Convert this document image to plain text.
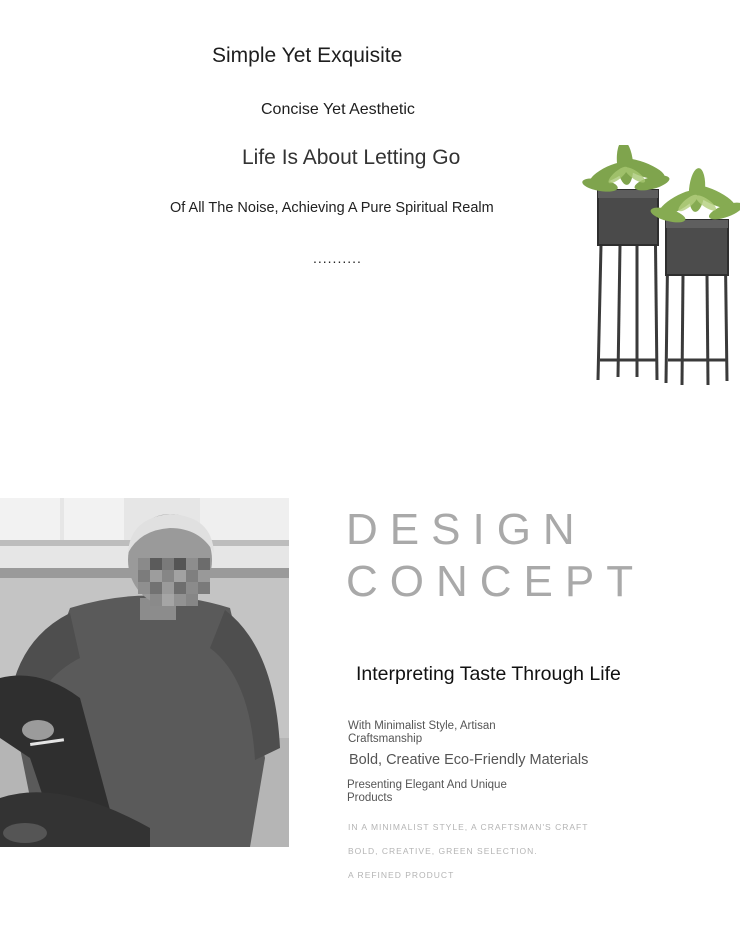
Simple Yet Exquisite
Concise Yet Aesthetic
Life Is About Letting Go
Of All The Noise, Achieving A Pure Spiritual Realm
..........
DESIGN
CONCEPT
Interpreting Taste Through Life
With Minimalist Style, Artisan Craftsmanship
Bold, Creative Eco-Friendly Materials
Presenting Elegant And Unique Products
IN A MINIMALIST STYLE, A CRAFTSMAN'S CRAFT
BOLD, CREATIVE, GREEN SELECTION.
A REFINED PRODUCT
